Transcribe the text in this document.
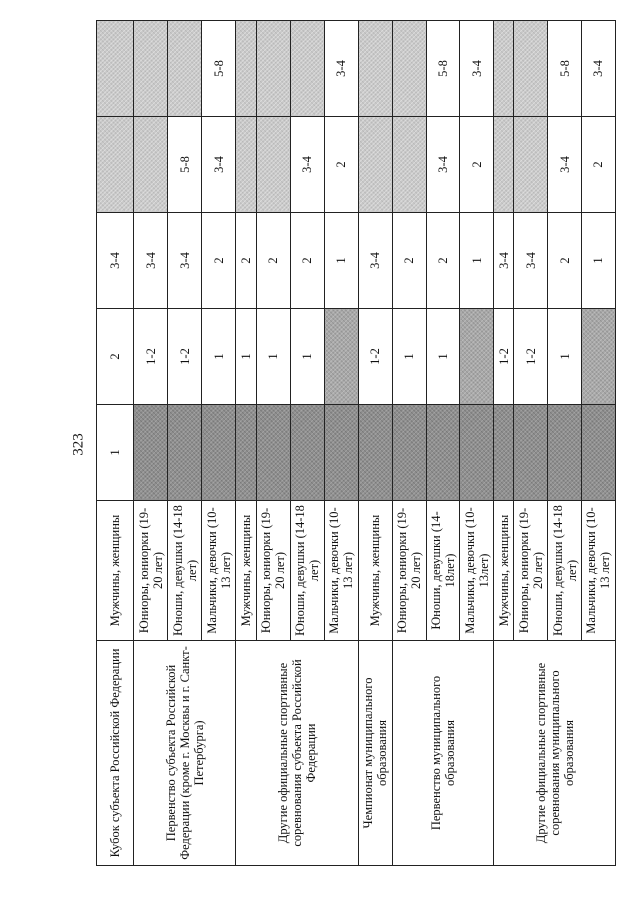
323
Кубок субъекта Российской Федерации	Мужчины, женщины	1	2	3-4		
Первенство субъекта Российской Федерации (кроме г. Москвы и г. Санкт-Петербурга)	Юниоры, юниорки (19-20 лет)		1-2	3-4		
	Юноши, девушки (14-18 лет)		1-2	3-4	5-8	
	Мальчики, девочки (10-13 лет)		1	2	3-4	5-8
Другие официальные спортивные соревнования субъекта Российской Федерации	Мужчины, женщины		1	2		
	Юниоры, юниорки (19-20 лет)		1	2		
	Юноши, девушки (14-18 лет)		1	2	3-4	
	Мальчики, девочки (10-13 лет)			1	2	3-4
Чемпионат муниципального образования	Мужчины, женщины		1-2	3-4		
Первенство муниципального образования	Юниоры, юниорки (19-20 лет)		1	2		
	Юноши, девушки (14-18лет)		1	2	3-4	5-8
	Мальчики, девочки (10-13лет)			1	2	3-4
Другие официальные спортивные соревнования муниципального образования	Мужчины, женщины		1-2	3-4		
	Юниоры, юниорки (19-20 лет)		1-2	3-4		
	Юноши, девушки (14-18 лет)		1	2	3-4	5-8
	Мальчики, девочки (10-13 лет)			1	2	3-4
